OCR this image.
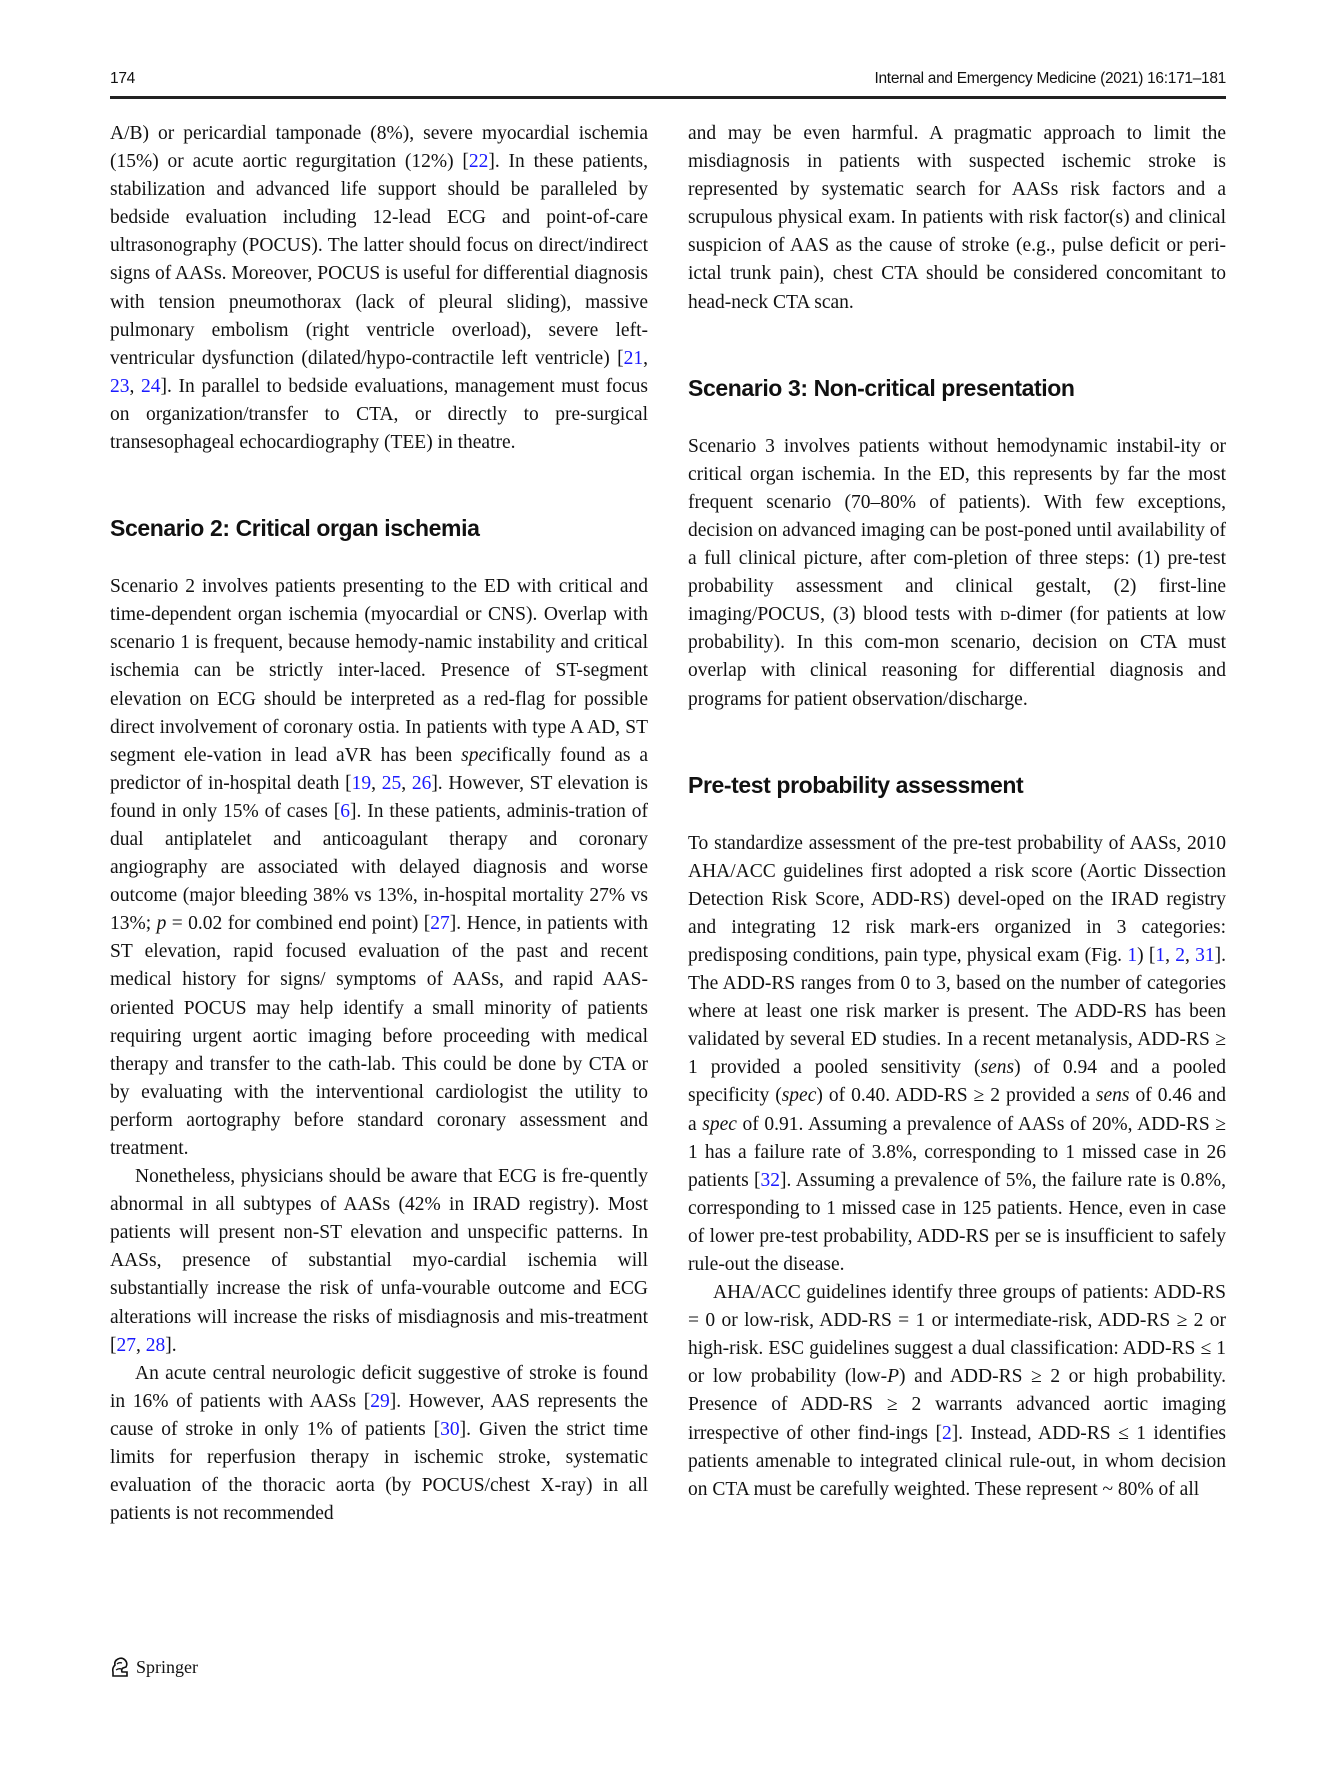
174	Internal and Emergency Medicine (2021) 16:171–181

A/B) or pericardial tamponade (8%), severe myocardial ischemia (15%) or acute aortic regurgitation (12%) [22]. In these patients, stabilization and advanced life support should be paralleled by bedside evaluation including 12-lead ECG and point-of-care ultrasonography (POCUS). The latter should focus on direct/indirect signs of AASs. Moreover, POCUS is useful for differential diagnosis with tension pneumothorax (lack of pleural sliding), massive pulmonary embolism (right ventricle overload), severe left-ventricular dysfunction (dilated/hypo-contractile left ventricle) [21, 23, 24]. In parallel to bedside evaluations, management must focus on organization/transfer to CTA, or directly to pre-surgical transesophageal echocardiography (TEE) in theatre.

Scenario 2: Critical organ ischemia

Scenario 2 involves patients presenting to the ED with critical and time-dependent organ ischemia (myocardial or CNS). Overlap with scenario 1 is frequent, because hemody-namic instability and critical ischemia can be strictly inter-laced. Presence of ST-segment elevation on ECG should be interpreted as a red-flag for possible direct involvement of coronary ostia. In patients with type A AD, ST segment ele-vation in lead aVR has been specifically found as a predictor of in-hospital death [19, 25, 26]. However, ST elevation is found in only 15% of cases [6]. In these patients, adminis-tration of dual antiplatelet and anticoagulant therapy and coronary angiography are associated with delayed diagnosis and worse outcome (major bleeding 38% vs 13%, in-hospital mortality 27% vs 13%; p = 0.02 for combined end point) [27]. Hence, in patients with ST elevation, rapid focused evaluation of the past and recent medical history for signs/ symptoms of AASs, and rapid AAS-oriented POCUS may help identify a small minority of patients requiring urgent aortic imaging before proceeding with medical therapy and transfer to the cath-lab. This could be done by CTA or by evaluating with the interventional cardiologist the utility to perform aortography before standard coronary assessment and treatment.

Nonetheless, physicians should be aware that ECG is fre-quently abnormal in all subtypes of AASs (42% in IRAD registry). Most patients will present non-ST elevation and unspecific patterns. In AASs, presence of substantial myo-cardial ischemia will substantially increase the risk of unfa-vourable outcome and ECG alterations will increase the risks of misdiagnosis and mis-treatment [27, 28].

An acute central neurologic deficit suggestive of stroke is found in 16% of patients with AASs [29]. However, AAS represents the cause of stroke in only 1% of patients [30]. Given the strict time limits for reperfusion therapy in ischemic stroke, systematic evaluation of the thoracic aorta (by POCUS/chest X-ray) in all patients is not recommended

and may be even harmful. A pragmatic approach to limit the misdiagnosis in patients with suspected ischemic stroke is represented by systematic search for AASs risk factors and a scrupulous physical exam. In patients with risk factor(s) and clinical suspicion of AAS as the cause of stroke (e.g., pulse deficit or peri-ictal trunk pain), chest CTA should be considered concomitant to head-neck CTA scan.

Scenario 3: Non-critical presentation

Scenario 3 involves patients without hemodynamic instabil-ity or critical organ ischemia. In the ED, this represents by far the most frequent scenario (70–80% of patients). With few exceptions, decision on advanced imaging can be post-poned until availability of a full clinical picture, after com-pletion of three steps: (1) pre-test probability assessment and clinical gestalt, (2) first-line imaging/POCUS, (3) blood tests with d-dimer (for patients at low probability). In this com-mon scenario, decision on CTA must overlap with clinical reasoning for differential diagnosis and programs for patient observation/discharge.

Pre-test probability assessment

To standardize assessment of the pre-test probability of AASs, 2010 AHA/ACC guidelines first adopted a risk score (Aortic Dissection Detection Risk Score, ADD-RS) devel-oped on the IRAD registry and integrating 12 risk mark-ers organized in 3 categories: predisposing conditions, pain type, physical exam (Fig. 1) [1, 2, 31]. The ADD-RS ranges from 0 to 3, based on the number of categories where at least one risk marker is present. The ADD-RS has been validated by several ED studies. In a recent metanalysis, ADD-RS ≥ 1 provided a pooled sensitivity (sens) of 0.94 and a pooled specificity (spec) of 0.40. ADD-RS ≥ 2 provided a sens of 0.46 and a spec of 0.91. Assuming a prevalence of AASs of 20%, ADD-RS ≥ 1 has a failure rate of 3.8%, corresponding to 1 missed case in 26 patients [32]. Assuming a prevalence of 5%, the failure rate is 0.8%, corresponding to 1 missed case in 125 patients. Hence, even in case of lower pre-test probability, ADD-RS per se is insufficient to safely rule-out the disease.

AHA/ACC guidelines identify three groups of patients: ADD-RS = 0 or low-risk, ADD-RS = 1 or intermediate-risk, ADD-RS ≥ 2 or high-risk. ESC guidelines suggest a dual classification: ADD-RS ≤ 1 or low probability (low-P) and ADD-RS ≥ 2 or high probability. Presence of ADD-RS ≥ 2 warrants advanced aortic imaging irrespective of other find-ings [2]. Instead, ADD-RS ≤ 1 identifies patients amenable to integrated clinical rule-out, in whom decision on CTA must be carefully weighted. These represent ~ 80% of all

Springer
